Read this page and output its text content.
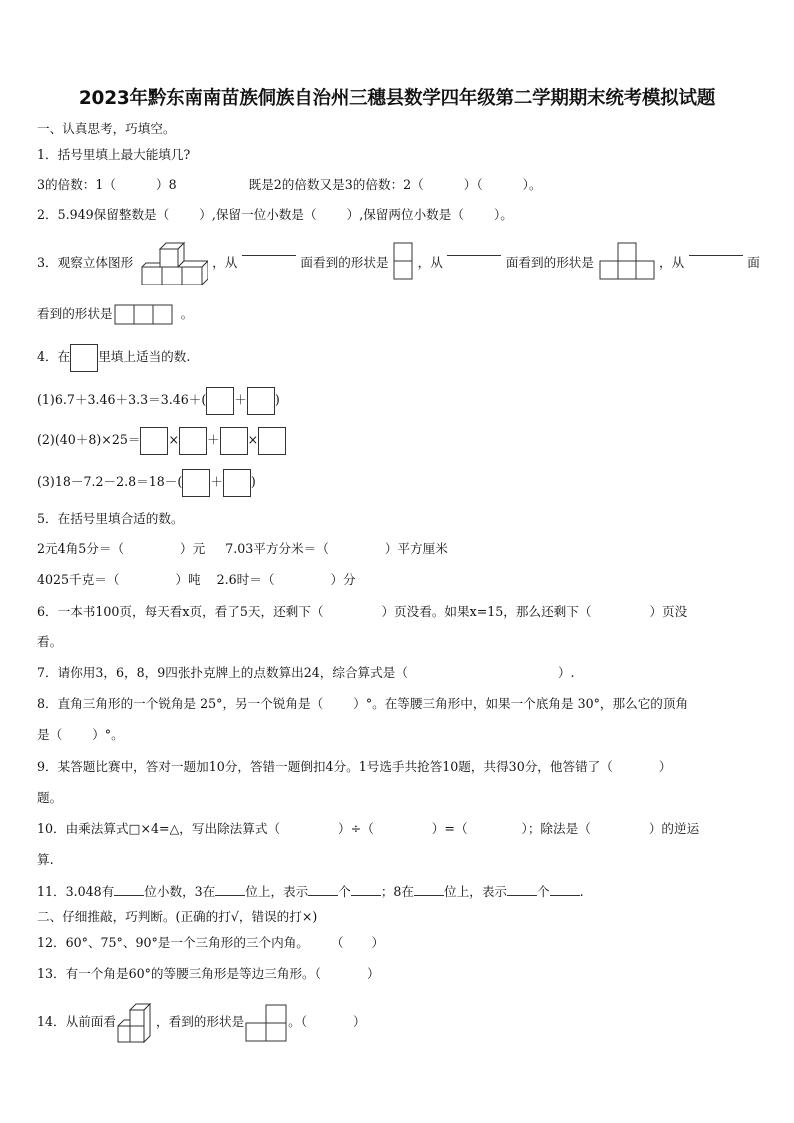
2023年黔东南南苗族侗族自治州三穗县数学四年级第二学期期末统考模拟试题
一、认真思考，巧填空。
1．括号里填上最大能填几?
3的倍数：1（	）8	既是2的倍数又是3的倍数：2（	）（	）。
2．5.949保留整数是（ ）,保留一位小数是（ ）,保留两位小数是（ ）。
3．观察立体图形	，从	面看到的形状是 ，从	面看到的形状是	，从	面
看到的形状是	。
4．在 里填上适当的数.
(1)6.7＋3.46＋3.3＝3.46＋( ＋ )
(2)(40＋8)×25＝ × ＋ ×
(3)18－7.2－2.8＝18－( ＋ )
5．在括号里填合适的数。
2元4角5分＝（	）元 7.03平方分米＝（	）平方厘米
4025千克＝（	）吨 2.6时＝（	）分
6．一本书100页，每天看x页，看了5天，还剩下（	）页没看。如果x=15，那么还剩下（	）页没
看。
7．请你用3，6，8，9四张扑克牌上的点数算出24，综合算式是（	）.
8．直角三角形的一个锐角是 25°，另一个锐角是（ ）°。在等腰三角形中，如果一个底角是 30°，那么它的顶角
是（ ）°。
9．某答题比赛中，答对一题加10分，答错一题倒扣4分。1号选手共抢答10题，共得30分，他答错了（	）
题。
10．由乘法算式□×4=△，写出除法算式（	）÷（	）=（	）；除法是（	）的逆运
算.
11．3.048有 位小数，3在 位上，表示 个 ；8在 位上，表示 个 .
二、仔细推敲，巧判断。(正确的打√，错误的打×)
12．60°、75°、90°是一个三角形的三个内角。 （ ）
13．有一个角是60°的等腰三角形是等边三角形。（	）
14．从前面看	，看到的形状是	。（	）
